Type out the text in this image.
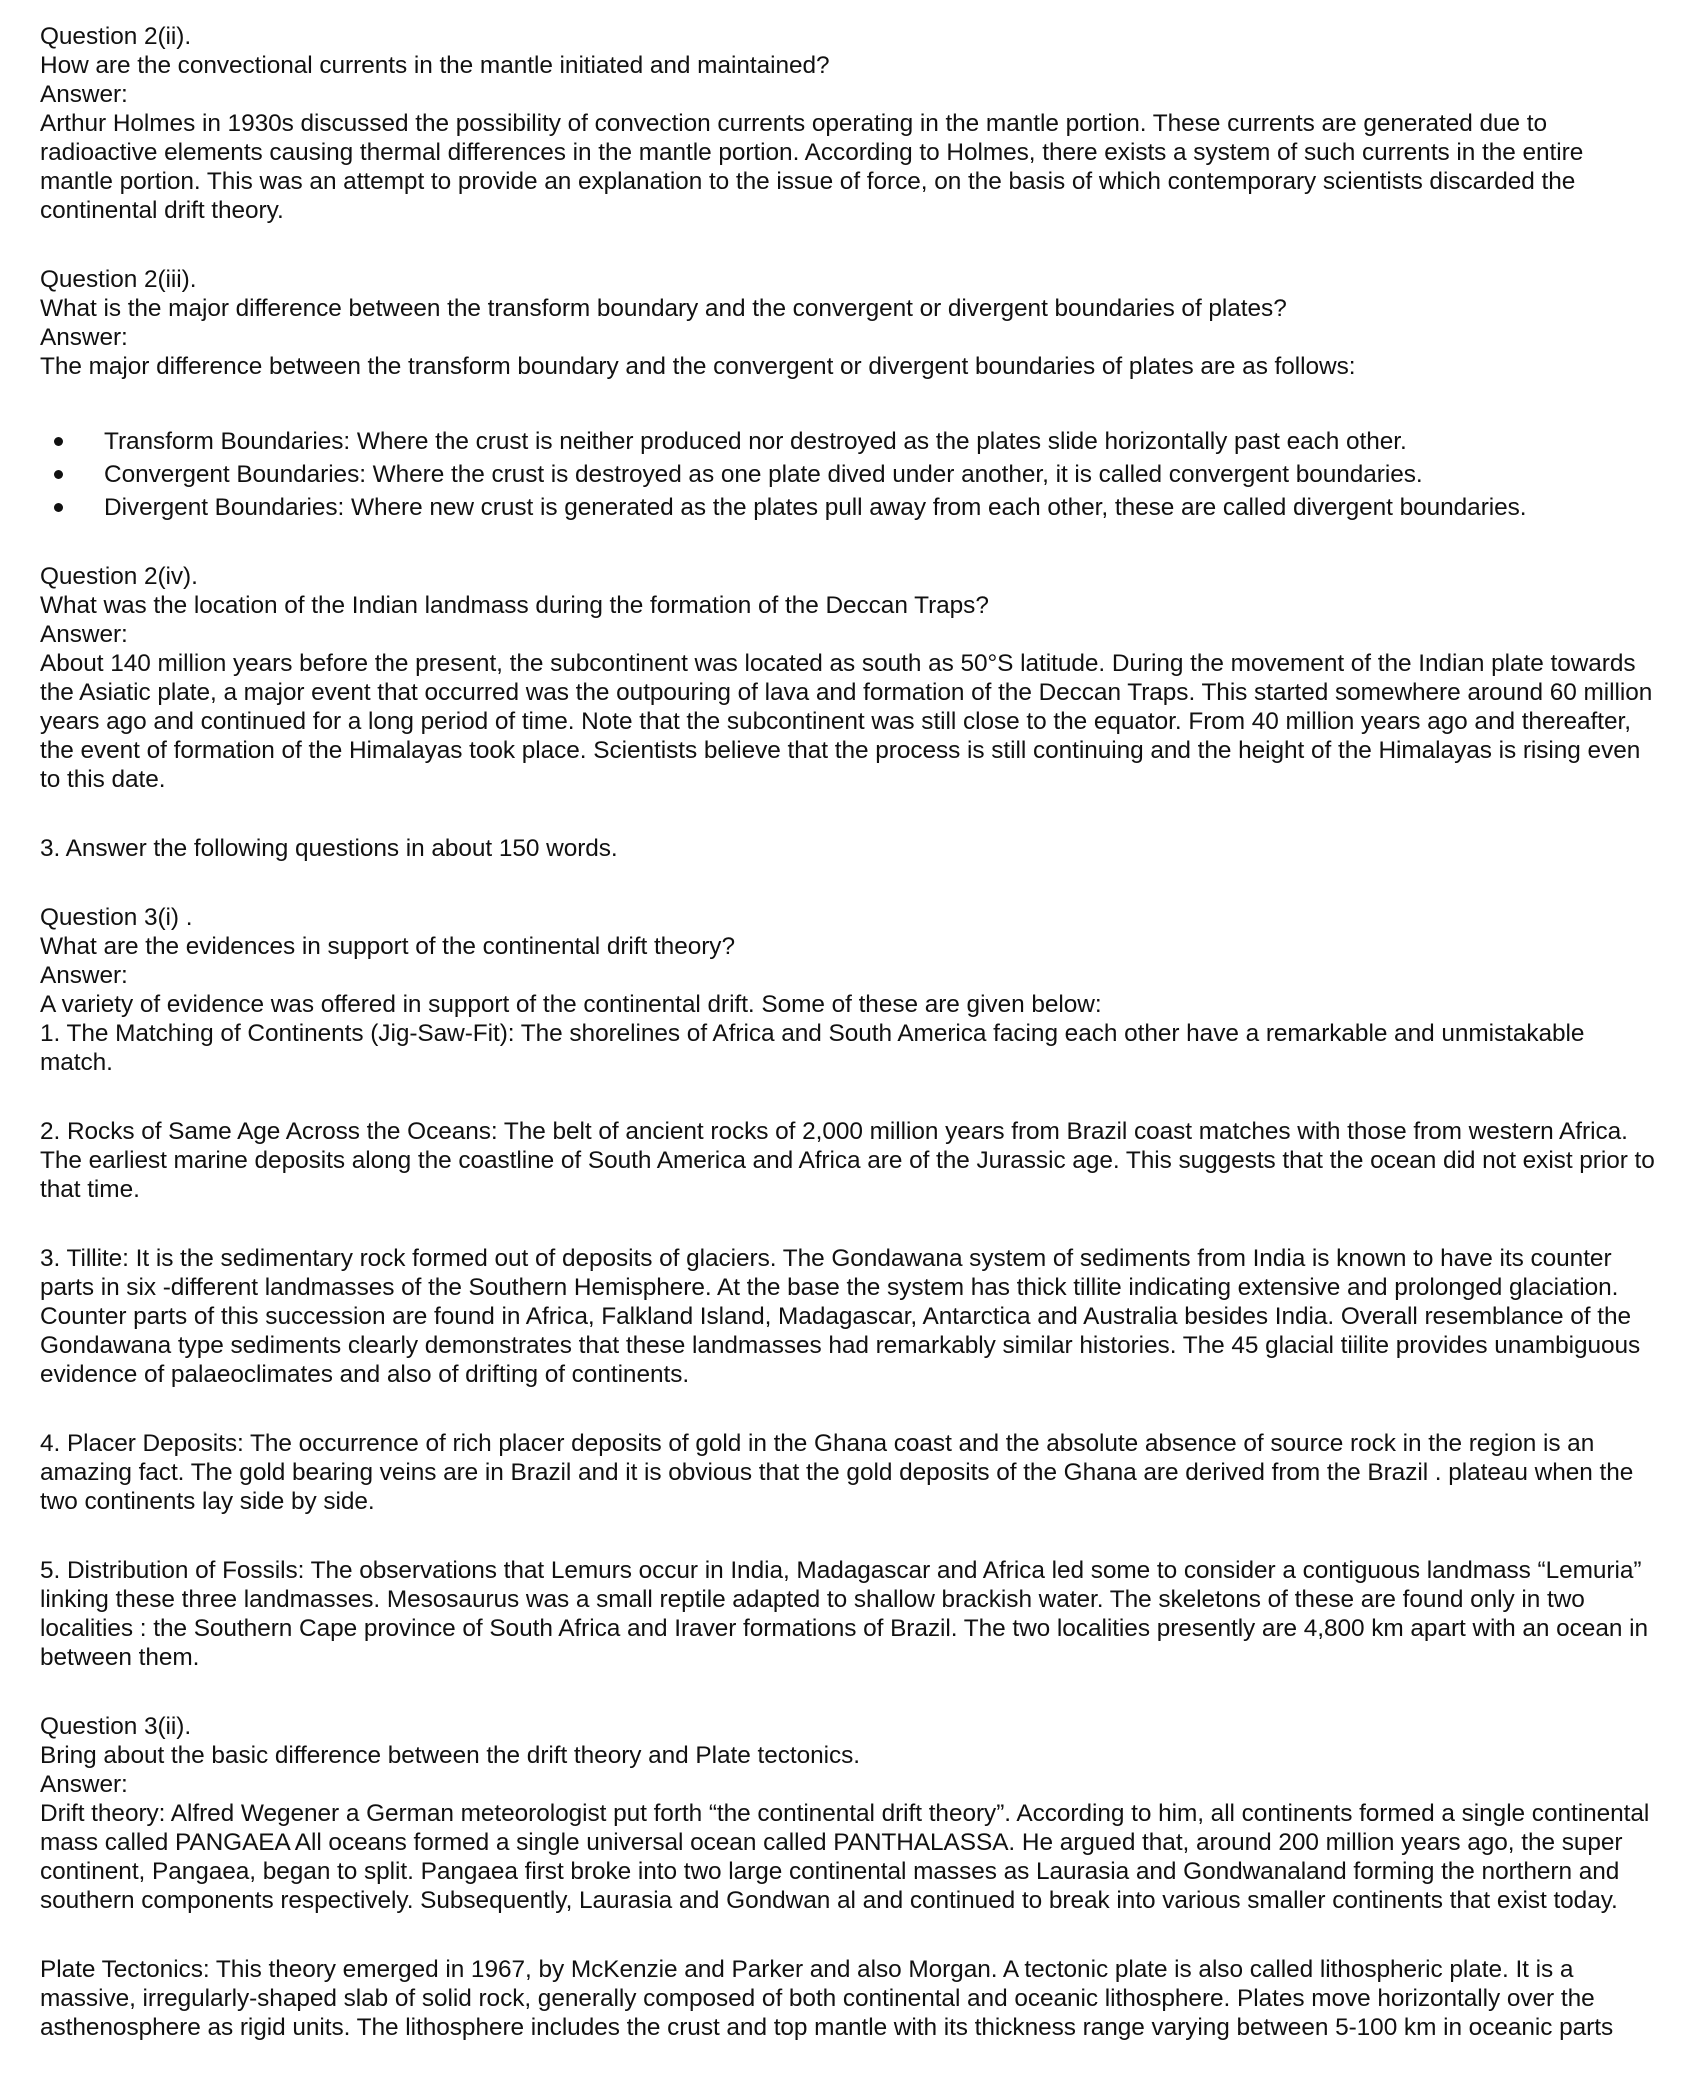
Question 2(ii).
How are the convectional currents in the mantle initiated and maintained?
Answer:

Arthur Holmes in 1930s discussed the possibility of convection currents operating in the mantle portion. These currents are generated due to radioactive elements causing thermal differences in the mantle portion. According to Holmes, there exists a system of such currents in the entire mantle portion. This was an attempt to provide an explanation to the issue of force, on the basis of which contemporary scientists discarded the continental drift theory.

Question 2(iii).
What is the major difference between the transform boundary and the convergent or divergent boundaries of plates?
Answer:

The major difference between the transform boundary and the convergent or divergent boundaries of plates are as follows:

Transform Boundaries: Where the crust is neither produced nor destroyed as the plates slide horizontally past each other.
Convergent Boundaries: Where the crust is destroyed as one plate dived under another, it is called convergent boundaries.
Divergent Boundaries: Where new crust is generated as the plates pull away from each other, these are called divergent boundaries.
Question 2(iv).
What was the location of the Indian landmass during the formation of the Deccan Traps?
Answer:

About 140 million years before the present, the subcontinent was located as south as 50°S latitude. During the movement of the Indian plate towards the Asiatic plate, a major event that occurred was the outpouring of lava and formation of the Deccan Traps. This started somewhere around 60 million years ago and continued for a long period of time. Note that the subcontinent was still close to the equator. From 40 million years ago and thereafter, the event of formation of the Himalayas took place. Scientists believe that the process is still continuing and the height of the Himalayas is rising even to this date.

3. Answer the following questions in about 150 words.

Question 3(i) .
What are the evidences in support of the continental drift theory?
Answer:

A variety of evidence was offered in support of the continental drift. Some of these are given below:

1. The Matching of Continents (Jig-Saw-Fit): The shorelines of Africa and South America facing each other have a remarkable and unmistakable match.

2. Rocks of Same Age Across the Oceans: The belt of ancient rocks of 2,000 million years from Brazil coast matches with those from western Africa. The earliest marine deposits along the coastline of South America and Africa are of the Jurassic age. This suggests that the ocean did not exist prior to that time.

3. Tillite: It is the sedimentary rock formed out of deposits of glaciers. The Gondawana system of sediments from India is known to have its counter parts in six -different landmasses of the Southern Hemisphere. At the base the system has thick tillite indicating extensive and prolonged glaciation. Counter parts of this succession are found in Africa, Falkland Island, Madagascar, Antarctica and Australia besides India. Overall resemblance of the Gondawana type sediments clearly demonstrates that these landmasses had remarkably similar histories. The 45 glacial tiilite provides unambiguous evidence of palaeoclimates and also of drifting of continents.

4. Placer Deposits: The occurrence of rich placer deposits of gold in the Ghana coast and the absolute absence of source rock in the region is an amazing fact. The gold bearing veins are in Brazil and it is obvious that the gold deposits of the Ghana are derived from the Brazil . plateau when the two continents lay side by side.

5. Distribution of Fossils: The observations that Lemurs occur in India, Madagascar and Africa led some to consider a contiguous landmass “Lemuria” linking these three landmasses. Mesosaurus was a small reptile adapted to shallow brackish water. The skeletons of these are found only in two localities : the Southern Cape province of South Africa and Iraver formations of Brazil. The two localities presently are 4,800 km apart with an ocean in between them.

Question 3(ii).
Bring about the basic difference between the drift theory and Plate tectonics.
Answer:

Drift theory: Alfred Wegener a German meteorologist put forth “the continental drift theory”. According to him, all continents formed a single continental mass called PANGAEA All oceans formed a single universal ocean called PANTHALASSA. He argued that, around 200 million years ago, the super continent, Pangaea, began to split. Pangaea first broke into two large continental masses as Laurasia and Gondwanaland forming the northern and southern components respectively. Subsequently, Laurasia and Gondwan al and continued to break into various smaller continents that exist today.

Plate Tectonics: This theory emerged in 1967, by McKenzie and Parker and also Morgan. A tectonic plate is also called lithospheric plate. It is a massive, irregularly-shaped slab of solid rock, generally composed of both continental and oceanic lithosphere. Plates move horizontally over the asthenosphere as rigid units. The lithosphere includes the crust and top mantle with its thickness range varying between 5-100 km in oceanic parts
